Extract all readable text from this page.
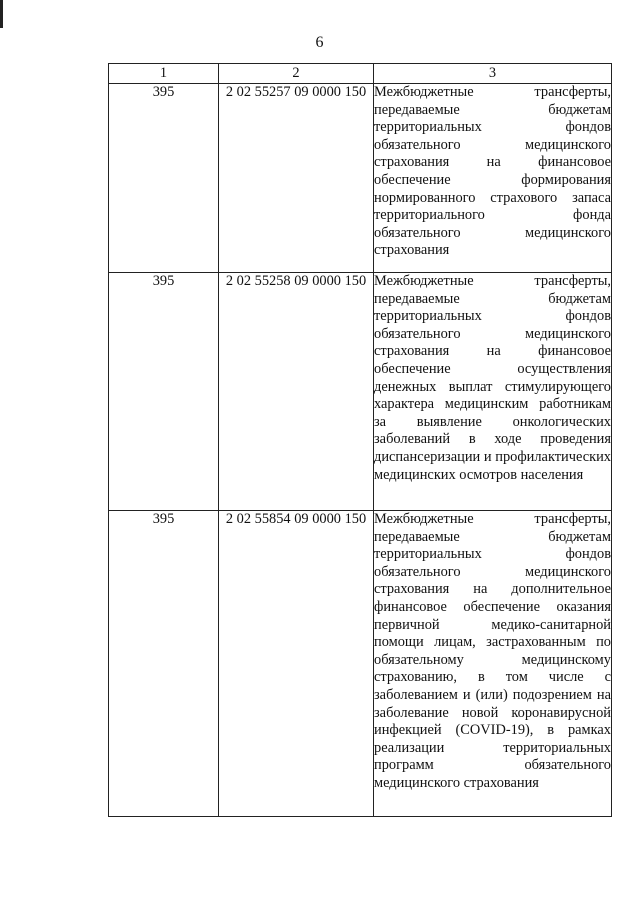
6
1	2	3
395	2 02 55257 09 0000 150	Межбюджетные трансферты, передаваемые бюджетам территориальных фондов обязательного медицинского страхования на финансовое обеспечение формирования нормированного страхового запаса территориального фонда обязательного медицинского страхования
395	2 02 55258 09 0000 150	Межбюджетные трансферты, передаваемые бюджетам территориальных фондов обязательного медицинского страхования на финансовое обеспечение осуществления денежных выплат стимулирующего характера медицинским работникам за выявление онкологических заболеваний в ходе проведения диспансеризации и профилактических медицинских осмотров населения
395	2 02 55854 09 0000 150	Межбюджетные трансферты, передаваемые бюджетам территориальных фондов обязательного медицинского страхования на дополнительное финансовое обеспечение оказания первичной медико-санитарной помощи лицам, застрахованным по обязательному медицинскому страхованию, в том числе с заболеванием и (или) подозрением на заболевание новой коронавирусной инфекцией (COVID-19), в рамках реализации территориальных программ обязательного медицинского страхования
